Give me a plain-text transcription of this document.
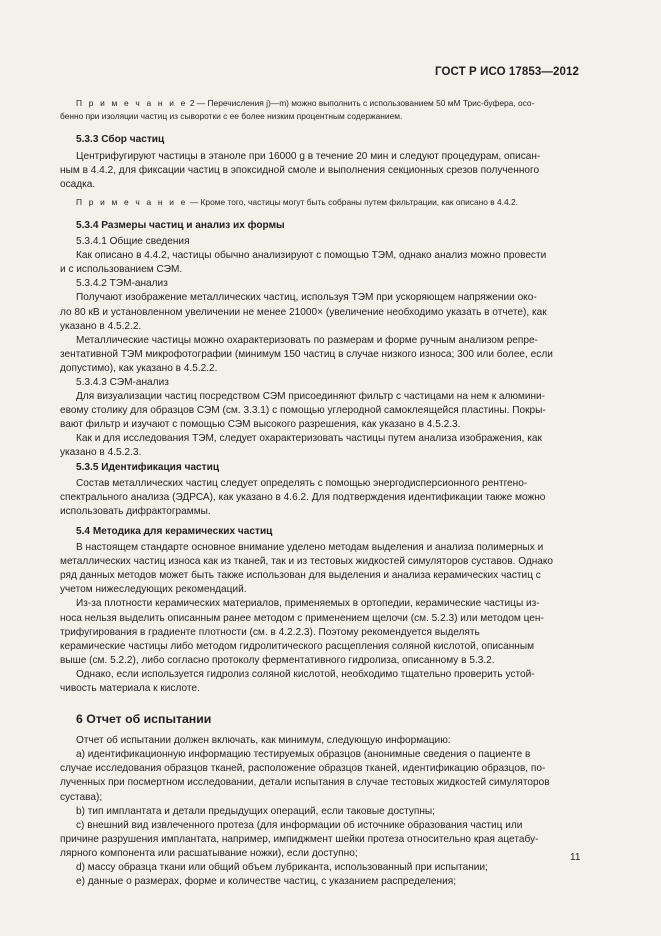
ГОСТ Р ИСО 17853—2012

П р и м е ч а н и е 2 — Перечисления j)—m) можно выполнить с использованием 50 мМ Трис-буфера, осо-

бенно при изоляции частиц из сыворотки с ее более низким процентным содержанием.

5.3.3 Сбор частиц

Центрифугируют частицы в этаноле при 16000 g в течение 20 мин и следуют процедурам, описан-
ным в 4.4.2, для фиксации частиц в эпоксидной смоле и выполнения секционных срезов полученного
осадка.

П р и м е ч а н и е — Кроме того, частицы могут быть собраны путем фильтрации, как описано в 4.4.2.

5.3.4 Размеры частиц и анализ их формы

5.3.4.1 Общие сведения

Как описано в 4.4.2, частицы обычно анализируют с помощью ТЭМ, однако анализ можно провести
и с использованием СЭМ.

5.3.4.2 ТЭМ-анализ

Получают изображение металлических частиц, используя ТЭМ при ускоряющем напряжении око-
ло 80 кВ и установленном увеличении не менее 21000× (увеличение необходимо указать в отчете), как
указано в 4.5.2.2.
Металлические частицы можно охарактеризовать по размерам и форме ручным анализом репре-
зентативной ТЭМ микрофотографии (минимум 150 частиц в случае низкого износа; 300 или более, если
допустимо), как указано в 4.5.2.2.

5.3.4.3 СЭМ-анализ

Для визуализации частиц посредством СЭМ присоединяют фильтр с частицами на нем к алюмини-
евому столику для образцов СЭМ (см. 3.3.1) с помощью углеродной самоклеящейся пластины. Покры-
вают фильтр и изучают с помощью СЭМ высокого разрешения, как указано в 4.5.2.3.
Как и для исследования ТЭМ, следует охарактеризовать частицы путем анализа изображения, как
указано в 4.5.2.3.

5.3.5 Идентификация частиц

Состав металлических частиц следует определять с помощью энергодисперсионного рентгено-
спектрального анализа (ЭДРСА), как указано в 4.6.2. Для подтверждения идентификации также можно
использовать дифрактограммы.

5.4 Методика для керамических частиц

В настоящем стандарте основное внимание уделено методам выделения и анализа полимерных и
металлических частиц износа как из тканей, так и из тестовых жидкостей симуляторов суставов. Однако
ряд данных методов может быть также использован для выделения и анализа керамических частиц с
учетом нижеследующих рекомендаций.
Из-за плотности керамических материалов, применяемых в ортопедии, керамические частицы из-
носа нельзя выделить описанным ранее методом с применением щелочи (см. 5.2.3) или методом цен-
трифугирования в градиенте плотности (см. в 4.2.2.3). Поэтому рекомендуется выделять
керамические частицы либо методом гидролитического расщепления соляной кислотой, описанным
выше (см. 5.2.2), либо согласно протоколу ферментативного гидролиза, описанному в 5.3.2.
Однако, если используется гидролиз соляной кислотой, необходимо тщательно проверить устой-
чивость материала к кислоте.

6 Отчет об испытании

Отчет об испытании должен включать, как минимум, следующую информацию:
a) идентификационную информацию тестируемых образцов (анонимные сведения о пациенте в
случае исследования образцов тканей, расположение образцов тканей, идентификацию образцов, по-
лученных при посмертном исследовании, детали испытания в случае тестовых жидкостей симуляторов
сустава);
b) тип имплантата и детали предыдущих операций, если таковые доступны;
c) внешний вид извлеченного протеза (для информации об источнике образования частиц или
причине разрушения имплантата, например, импиджмент шейки протеза относительно края ацетабу-
лярного компонента или расшатывание ножки), если доступно;
d) массу образца ткани или общий объем лубриканта, использованный при испытании;
e) данные о размерах, форме и количестве частиц, с указанием распределения;
11
